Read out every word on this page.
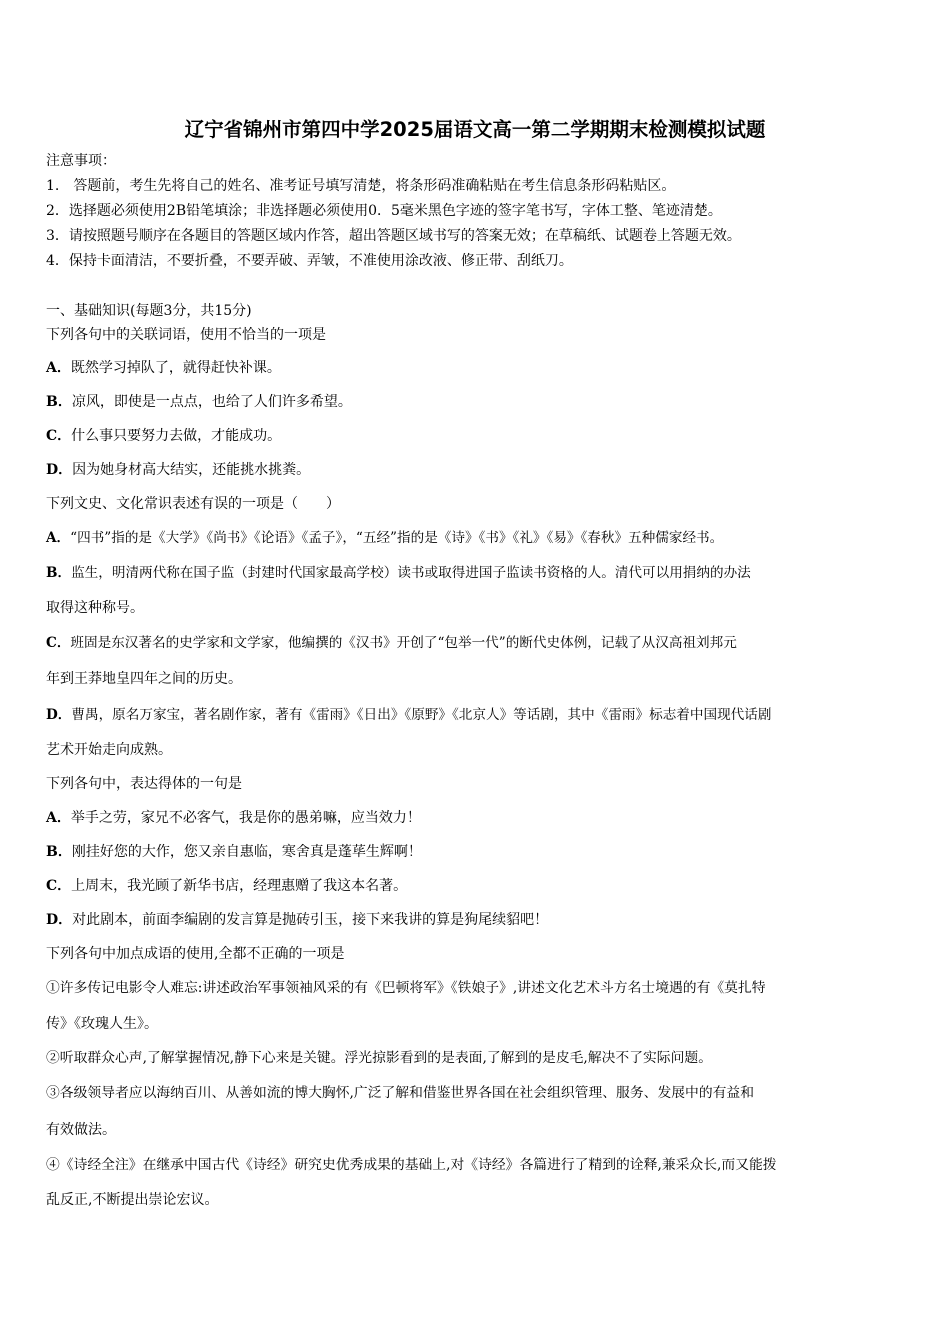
辽宁省锦州市第四中学2025届语文高一第二学期期末检测模拟试题
注意事项：
1.　答题前，考生先将自己的姓名、准考证号填写清楚，将条形码准确粘贴在考生信息条形码粘贴区。
2．选择题必须使用2B铅笔填涂；非选择题必须使用0．5毫米黑色字迹的签字笔书写，字体工整、笔迹清楚。
3．请按照题号顺序在各题目的答题区域内作答，超出答题区域书写的答案无效；在草稿纸、试题卷上答题无效。
4．保持卡面清洁，不要折叠，不要弄破、弄皱，不准使用涂改液、修正带、刮纸刀。
一、基础知识(每题3分，共15分)
下列各句中的关联词语，使用不恰当的一项是
A．既然学习掉队了，就得赶快补课。
B．凉风，即使是一点点，也给了人们许多希望。
C．什么事只要努力去做，才能成功。
D．因为她身材高大结实，还能挑水挑粪。
下列文史、文化常识表述有误的一项是（　　）
A．“四书”指的是《大学》《尚书》《论语》《孟子》，“五经”指的是《诗》《书》《礼》《易》《春秋》五种儒家经书。
B．监生，明清两代称在国子监（封建时代国家最高学校）读书或取得进国子监读书资格的人。清代可以用捐纳的办法
取得这种称号。
C．班固是东汉著名的史学家和文学家，他编撰的《汉书》开创了“包举一代”的断代史体例，记载了从汉高祖刘邦元
年到王莽地皇四年之间的历史。
D．曹禺，原名万家宝，著名剧作家，著有《雷雨》《日出》《原野》《北京人》等话剧，其中《雷雨》标志着中国现代话剧
艺术开始走向成熟。
下列各句中，表达得体的一句是
A．举手之劳，家兄不必客气，我是你的愚弟嘛，应当效力！
B．刚挂好您的大作，您又亲自惠临，寒舍真是蓬荜生辉啊！
C．上周末，我光顾了新华书店，经理惠赠了我这本名著。
D．对此剧本，前面李编剧的发言算是抛砖引玉，接下来我讲的算是狗尾续貂吧！
下列各句中加点成语的使用,全都不正确的一项是
①许多传记电影令人难忘:讲述政治军事领袖风采的有《巴顿将军》《铁娘子》,讲述文化艺术斗方名士境遇的有《莫扎特
传》《玫瑰人生》。
②听取群众心声,了解掌握情况,静下心来是关键。浮光掠影看到的是表面,了解到的是皮毛,解决不了实际问题。
③各级领导者应以海纳百川、从善如流的博大胸怀,广泛了解和借鉴世界各国在社会组织管理、服务、发展中的有益和
有效做法。
④《诗经全注》在继承中国古代《诗经》研究史优秀成果的基础上,对《诗经》各篇进行了精到的诠释,兼采众长,而又能拨
乱反正,不断提出崇论宏议。
